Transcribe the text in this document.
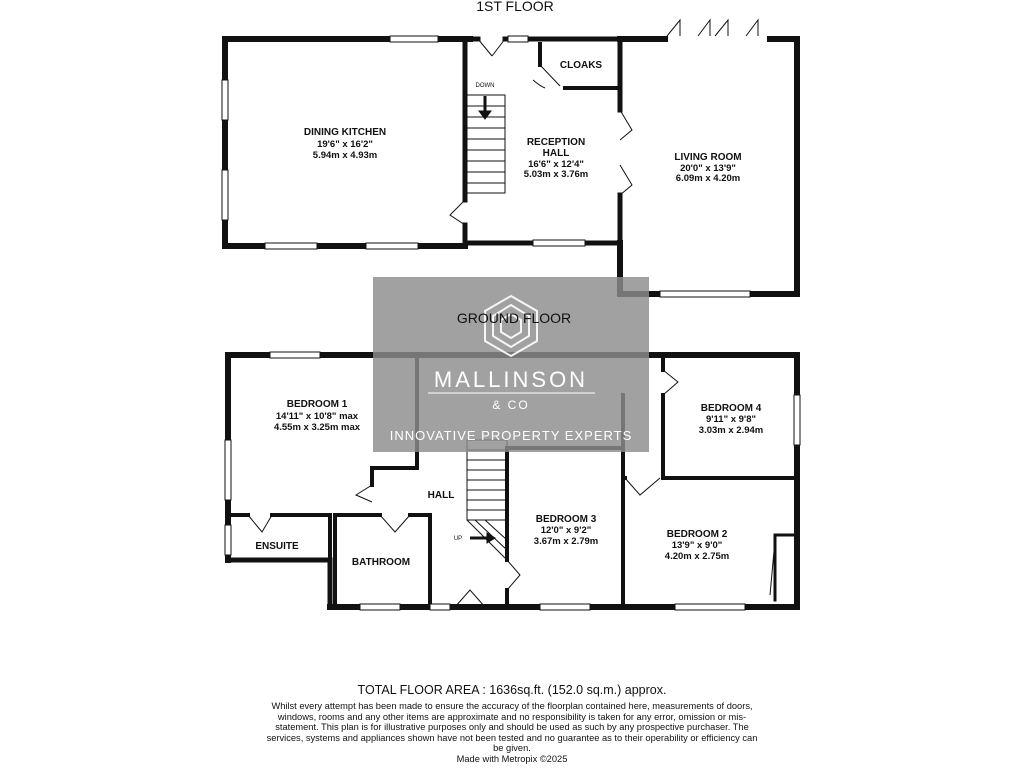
1ST FLOOR
DOWN
DINING KITCHEN
19'6" x 16'2"
5.94m x 4.93m
RECEPTION
HALL
16'6" x 12'4"
5.03m x 3.76m
CLOAKS
LIVING ROOM
20'0" x 13'9"
6.09m x 4.20m
UP
BEDROOM 1
14'11" x 10'8" max
4.55m x 3.25m max
HALL
ENSUITE
BATHROOM
BEDROOM 3
12'0" x 9'2"
3.67m x 2.79m
BEDROOM 4
9'11" x 9'8"
3.03m x 2.94m
BEDROOM 2
13'9" x 9'0"
4.20m x 2.75m
GROUND FLOOR
MALLINSON
& CO
INNOVATIVE PROPERTY EXPERTS
TOTAL FLOOR AREA : 1636sq.ft. (152.0 sq.m.) approx.
Whilst every attempt has been made to ensure the accuracy of the floorplan contained here, measurements of doors, windows, rooms and any other items are approximate and no responsibility is taken for any error, omission or mis-statement. This plan is for illustrative purposes only and should be used as such by any prospective purchaser. The services, systems and appliances shown have not been tested and no guarantee as to their operability or efficiency can be given.
Made with Metropix ©2025
